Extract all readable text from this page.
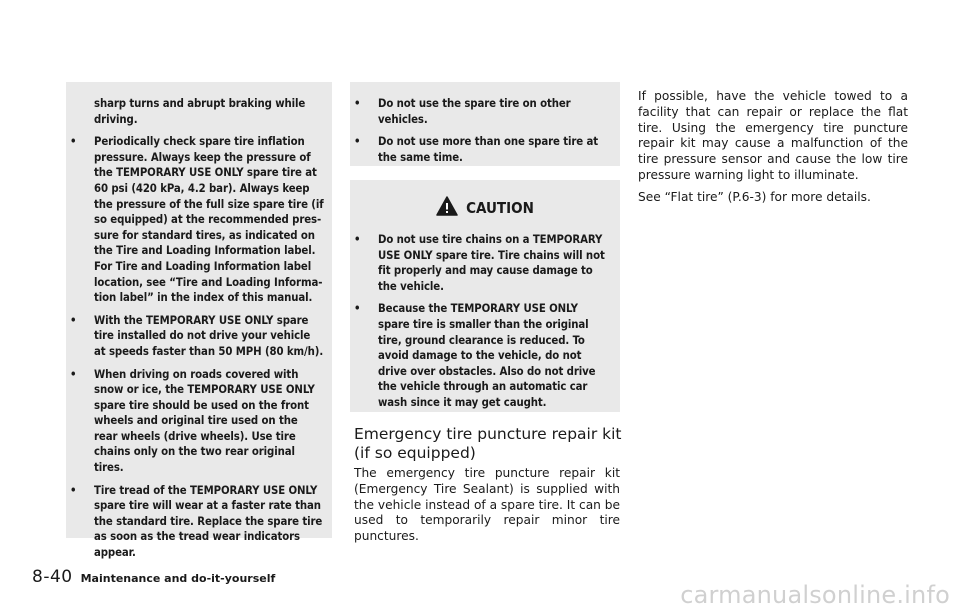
sharp turns and abrupt braking while driving.
• Periodically check spare tire inflation pressure. Always keep the pressure of the TEMPORARY USE ONLY spare tire at 60 psi (420 kPa, 4.2 bar). Always keep the pressure of the full size spare tire (if so equipped) at the recommended pres-sure for standard tires, as indicated on the Tire and Loading Information label. For Tire and Loading Information label location, see “Tire and Loading Informa-tion label” in the index of this manual.
• With the TEMPORARY USE ONLY spare tire installed do not drive your vehicle at speeds faster than 50 MPH (80 km/h).
• When driving on roads covered with snow or ice, the TEMPORARY USE ONLY spare tire should be used on the front wheels and original tire used on the rear wheels (drive wheels). Use tire chains only on the two rear original tires.
• Tire tread of the TEMPORARY USE ONLY spare tire will wear at a faster rate than the standard tire. Replace the spare tire as soon as the tread wear indicators appear.
• Do not use the spare tire on other vehicles.
• Do not use more than one spare tire at the same time.
CAUTION
• Do not use tire chains on a TEMPORARY USE ONLY spare tire. Tire chains will not fit properly and may cause damage to the vehicle.
• Because the TEMPORARY USE ONLY spare tire is smaller than the original tire, ground clearance is reduced. To avoid damage to the vehicle, do not drive over obstacles. Also do not drive the vehicle through an automatic car wash since it may get caught.
Emergency tire puncture repair kit
(if so equipped)
The emergency tire puncture repair kit (Emergency Tire Sealant) is supplied with the vehicle instead of a spare tire. It can be used to temporarily repair minor tire punctures.

If possible, have the vehicle towed to a facility that can repair or replace the flat tire. Using the emergency tire puncture repair kit may cause a malfunction of the tire pressure sensor and cause the low tire pressure warning light to illuminate.

See “Flat tire” (P.6-3) for more details.

8-40 Maintenance and do-it-yourself
carmanualsonline.info
